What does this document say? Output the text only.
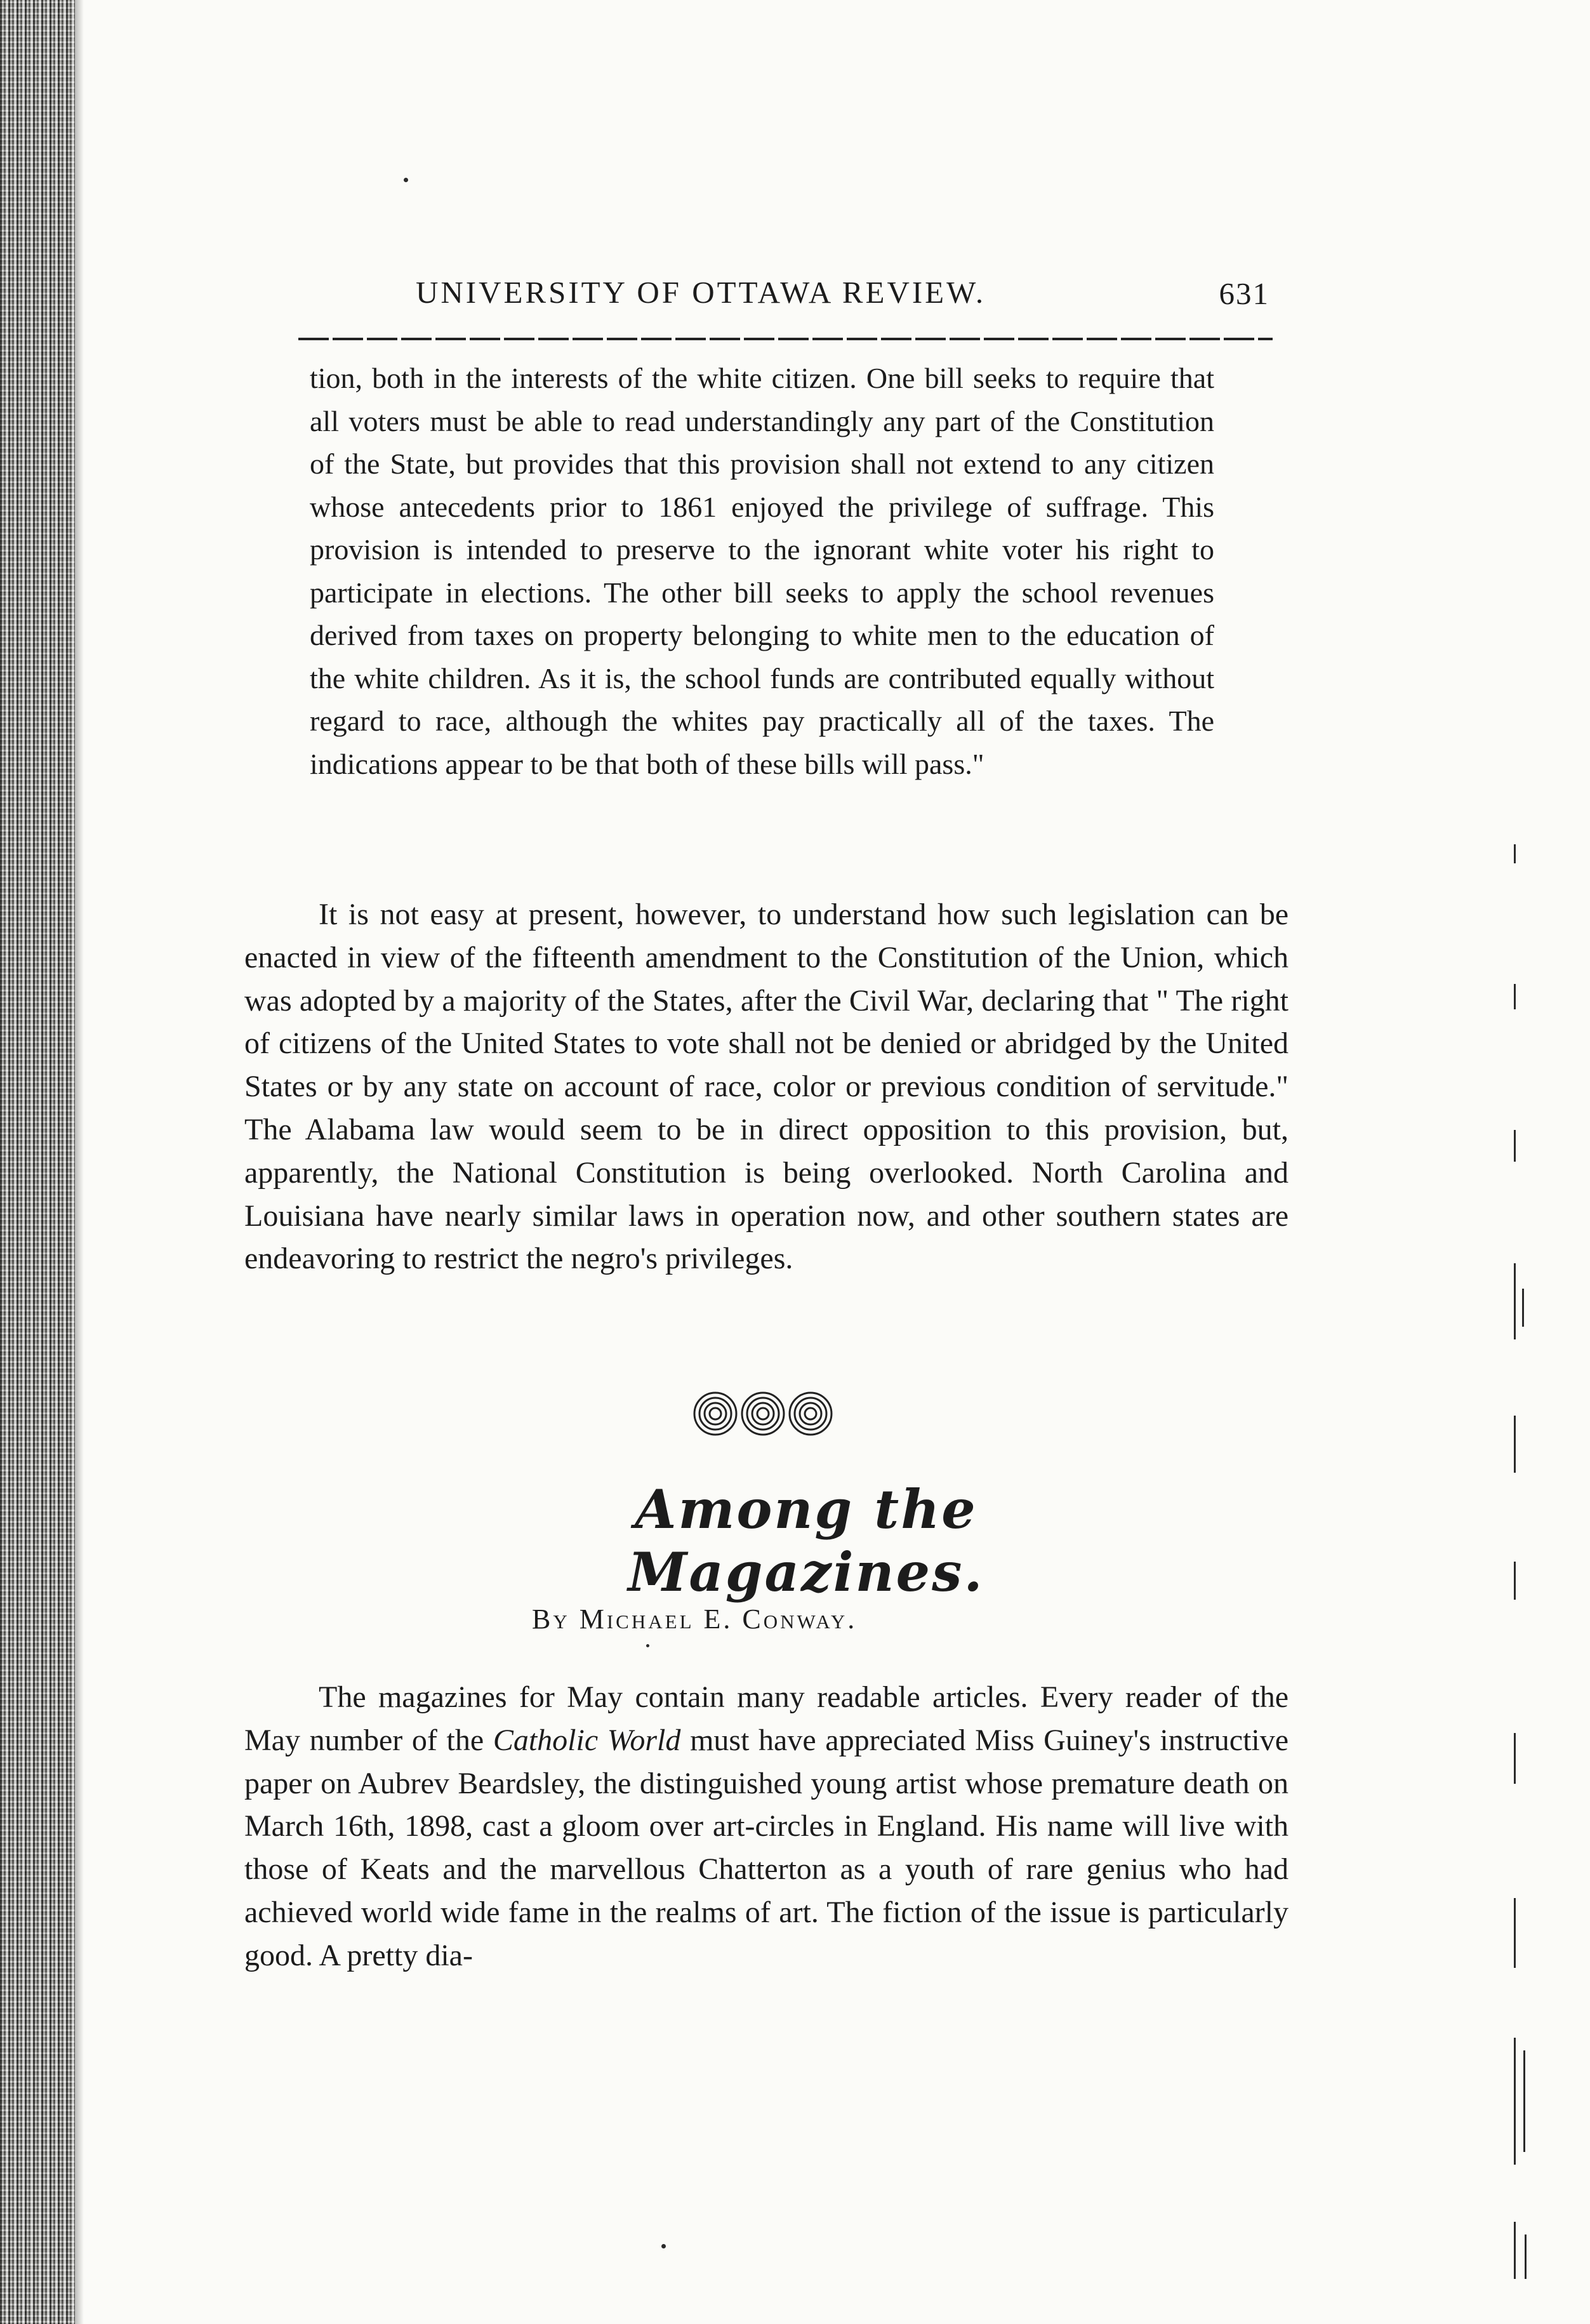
UNIVERSITY OF OTTAWA REVIEW.	631
tion, both in the interests of the white citizen. One bill seeks to require that all voters must be able to read understandingly any part of the Constitution of the State, but provides that this provision shall not extend to any citizen whose antecedents prior to 1861 enjoyed the privilege of suffrage. This provision is intended to preserve to the ignorant white voter his right to participate in elections. The other bill seeks to apply the school revenues derived from taxes on property belonging to white men to the education of the white children. As it is, the school funds are contributed equally without regard to race, although the whites pay practically all of the taxes. The indications appear to be that both of these bills will pass."
It is not easy at present, however, to understand how such legislation can be enacted in view of the fifteenth amendment to the Constitution of the Union, which was adopted by a majority of the States, after the Civil War, declaring that " The right of citizens of the United States to vote shall not be denied or abridged by the United States or by any state on account of race, color or previous condition of servitude." The Alabama law would seem to be in direct opposition to this provision, but, apparently, the National Constitution is being overlooked. North Carolina and Louisiana have nearly similar laws in operation now, and other southern states are endeavoring to restrict the negro's privileges.
Among the Magazines.
By Michael E. Conway.
The magazines for May contain many readable articles. Every reader of the May number of the Catholic World must have appreciated Miss Guiney's instructive paper on Aubrev Beardsley, the distinguished young artist whose premature death on March 16th, 1898, cast a gloom over art-circles in England. His name will live with those of Keats and the marvellous Chatterton as a youth of rare genius who had achieved world wide fame in the realms of art. The fiction of the issue is particularly good. A pretty dia-
